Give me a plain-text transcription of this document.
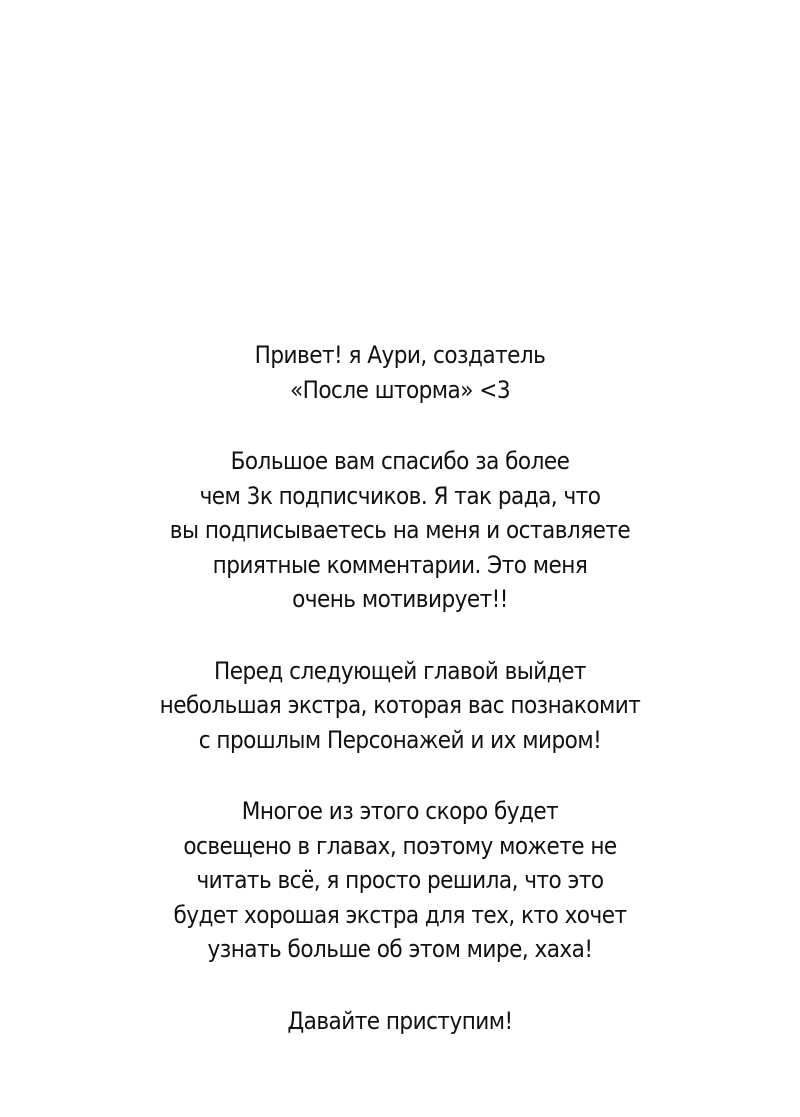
Привет! я Аури, создатель
«После шторма» <3
Большое вам спасибо за более
чем 3к подписчиков. Я так рада, что
вы подписываетесь на меня и оставляете
приятные комментарии. Это меня
очень мотивирует!!
Перед следующей главой выйдет
небольшая экстра, которая вас познакомит
с прошлым Персонажей и их миром!
Многое из этого скоро будет
освещено в главах, поэтому можете не
читать всё, я просто решила, что это
будет хорошая экстра для тех, кто хочет
узнать больше об этом мире, хаха!
Давайте приступим!
